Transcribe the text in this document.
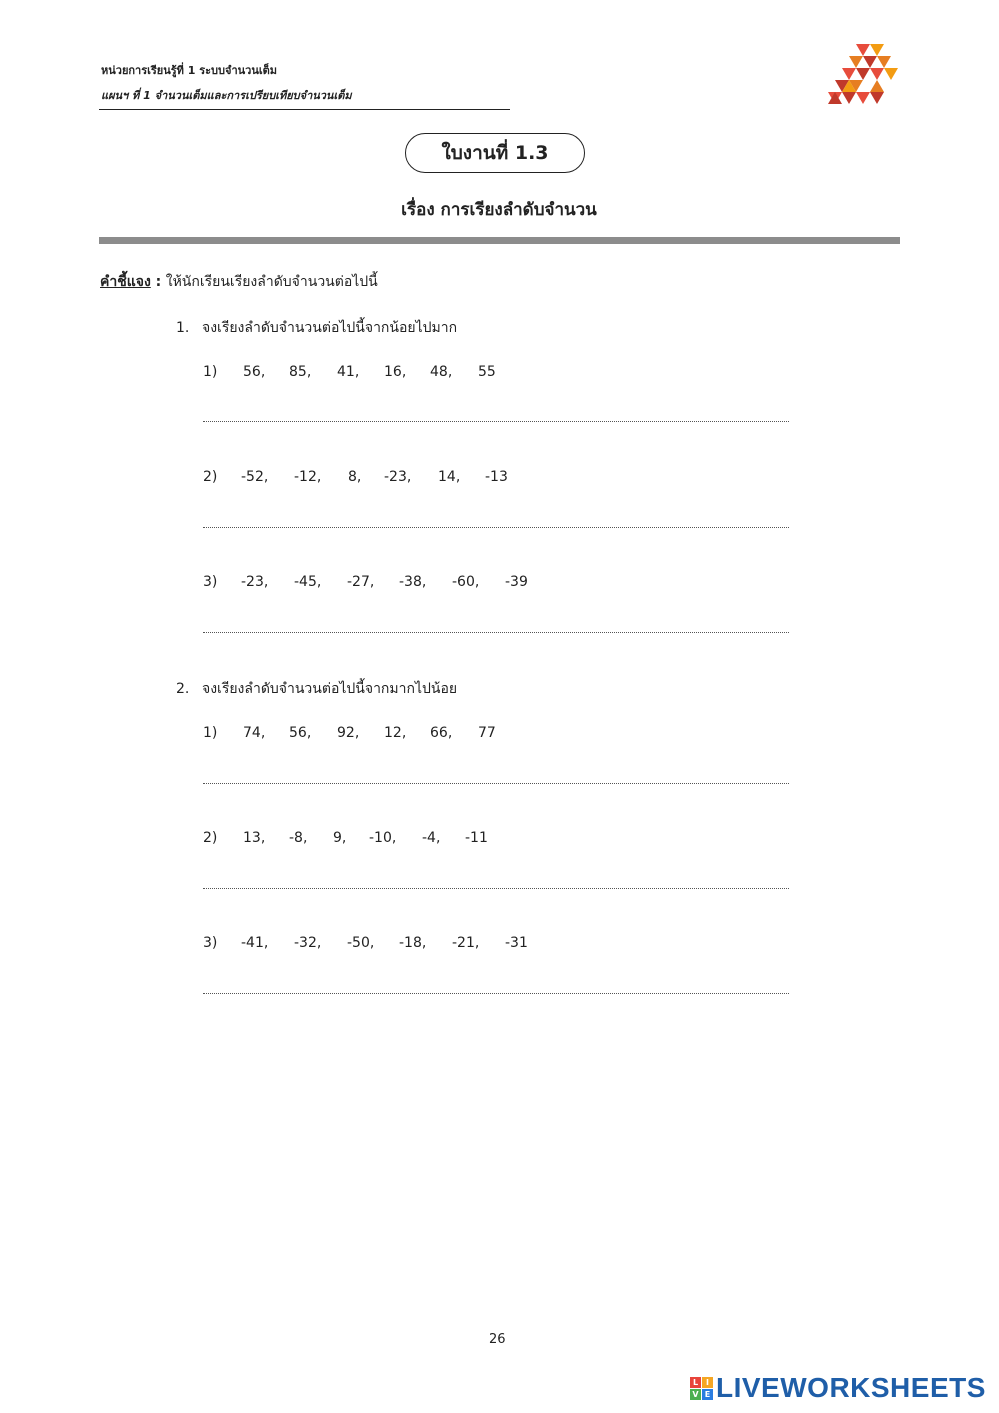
หน่วยการเรียนรู้ที่ 1 ระบบจำนวนเต็ม
แผนฯ ที่ 1 จำนวนเต็มและการเปรียบเทียบจำนวนเต็ม
ใบงานที่ 1.3
เรื่อง การเรียงลำดับจำนวน
คำชี้แจง : ให้นักเรียนเรียงลำดับจำนวนต่อไปนี้
1. จงเรียงลำดับจำนวนต่อไปนี้จากน้อยไปมาก
1) 56, 85, 41, 16, 48, 55
2) -52, -12, 8, -23, 14, -13
3) -23, -45, -27, -38, -60, -39
2. จงเรียงลำดับจำนวนต่อไปนี้จากมากไปน้อย
1) 74, 56, 92, 12, 66, 77
2) 13, -8, 9, -10, -4, -11
3) -41, -32, -50, -18, -21, -31
26
L I
V E LIVEWORKSHEETS
